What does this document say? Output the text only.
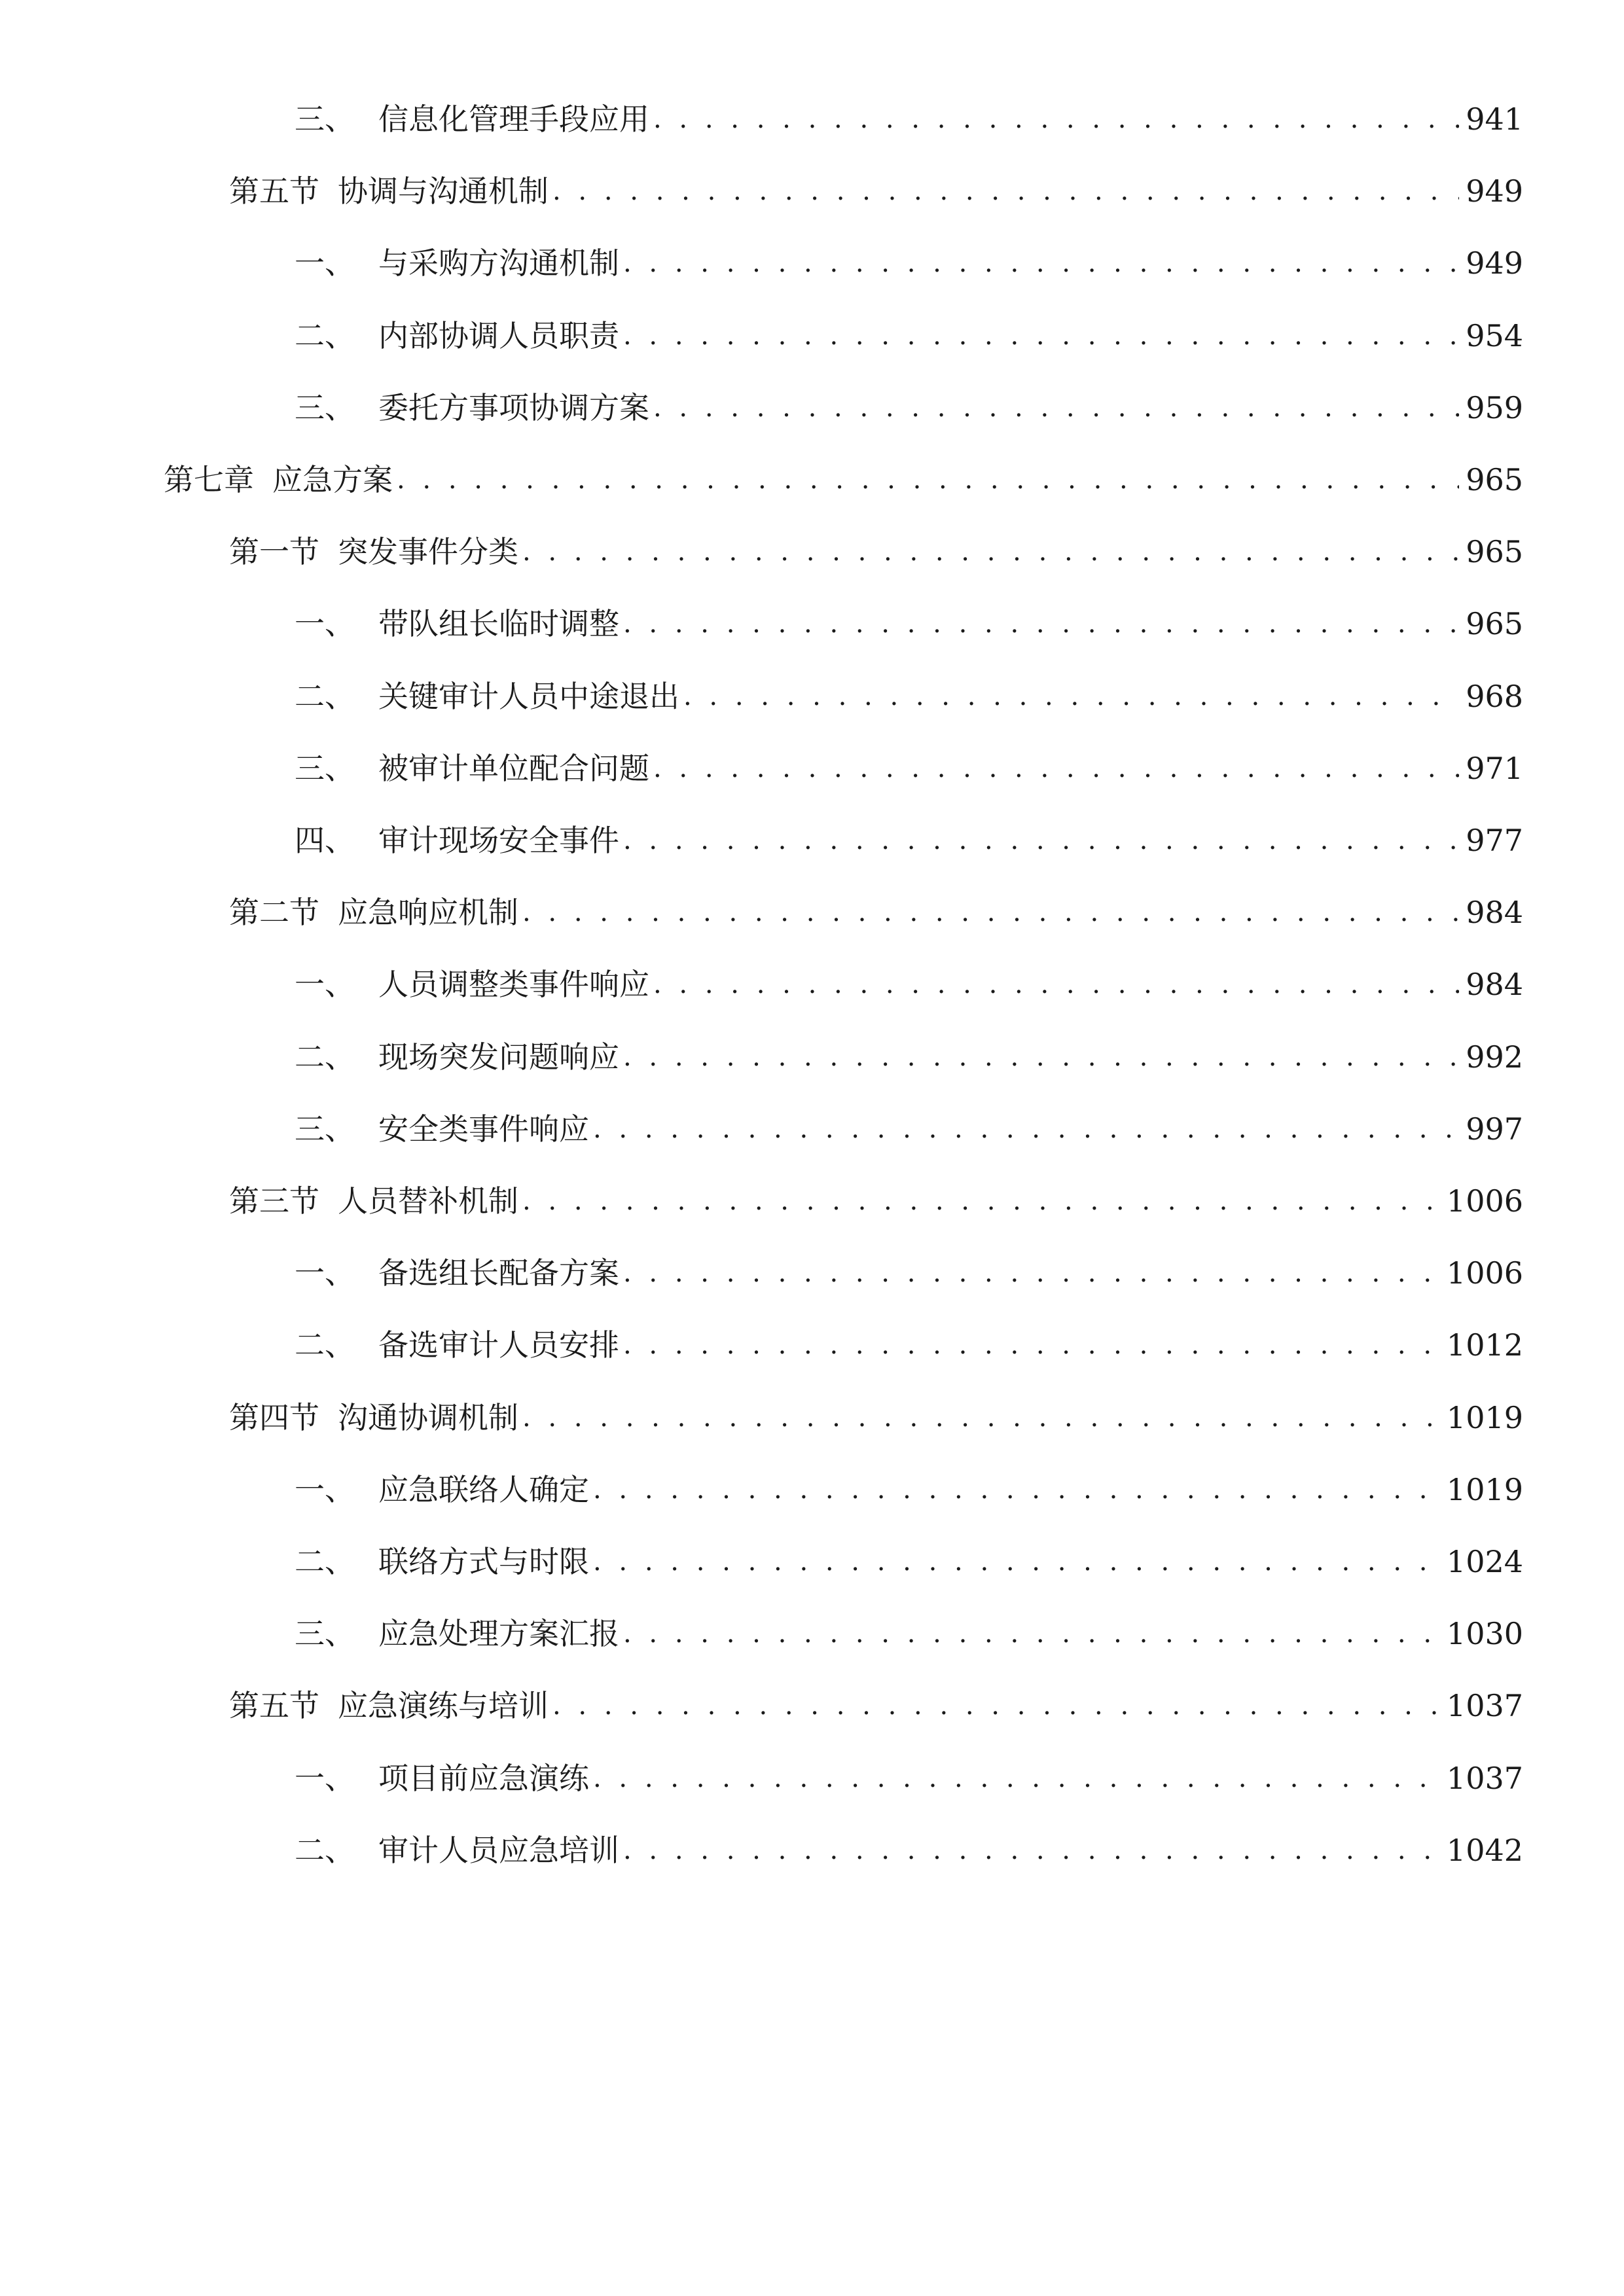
三、 信息化管理手段应用 . . .	941
第五节 协调与沟通机制 . . .	949
一、 与采购方沟通机制 . . .	949
二、 内部协调人员职责 . . .	954
三、 委托方事项协调方案 . . .	959
第七章 应急方案 . . .	965
第一节 突发事件分类 . . .	965
一、 带队组长临时调整 . . .	965
二、 关键审计人员中途退出 . . .	968
三、 被审计单位配合问题 . . .	971
四、 审计现场安全事件 . . .	977
第二节 应急响应机制 . . .	984
一、 人员调整类事件响应 . . .	984
二、 现场突发问题响应 . . .	992
三、 安全类事件响应 . . .	997
第三节 人员替补机制 . . .	1006
一、 备选组长配备方案 . . .	1006
二、 备选审计人员安排 . . .	1012
第四节 沟通协调机制 . . .	1019
一、 应急联络人确定 . . .	1019
二、 联络方式与时限 . . .	1024
三、 应急处理方案汇报 . . .	1030
第五节 应急演练与培训 . . .	1037
一、 项目前应急演练 . . .	1037
二、 审计人员应急培训 . . .	1042
